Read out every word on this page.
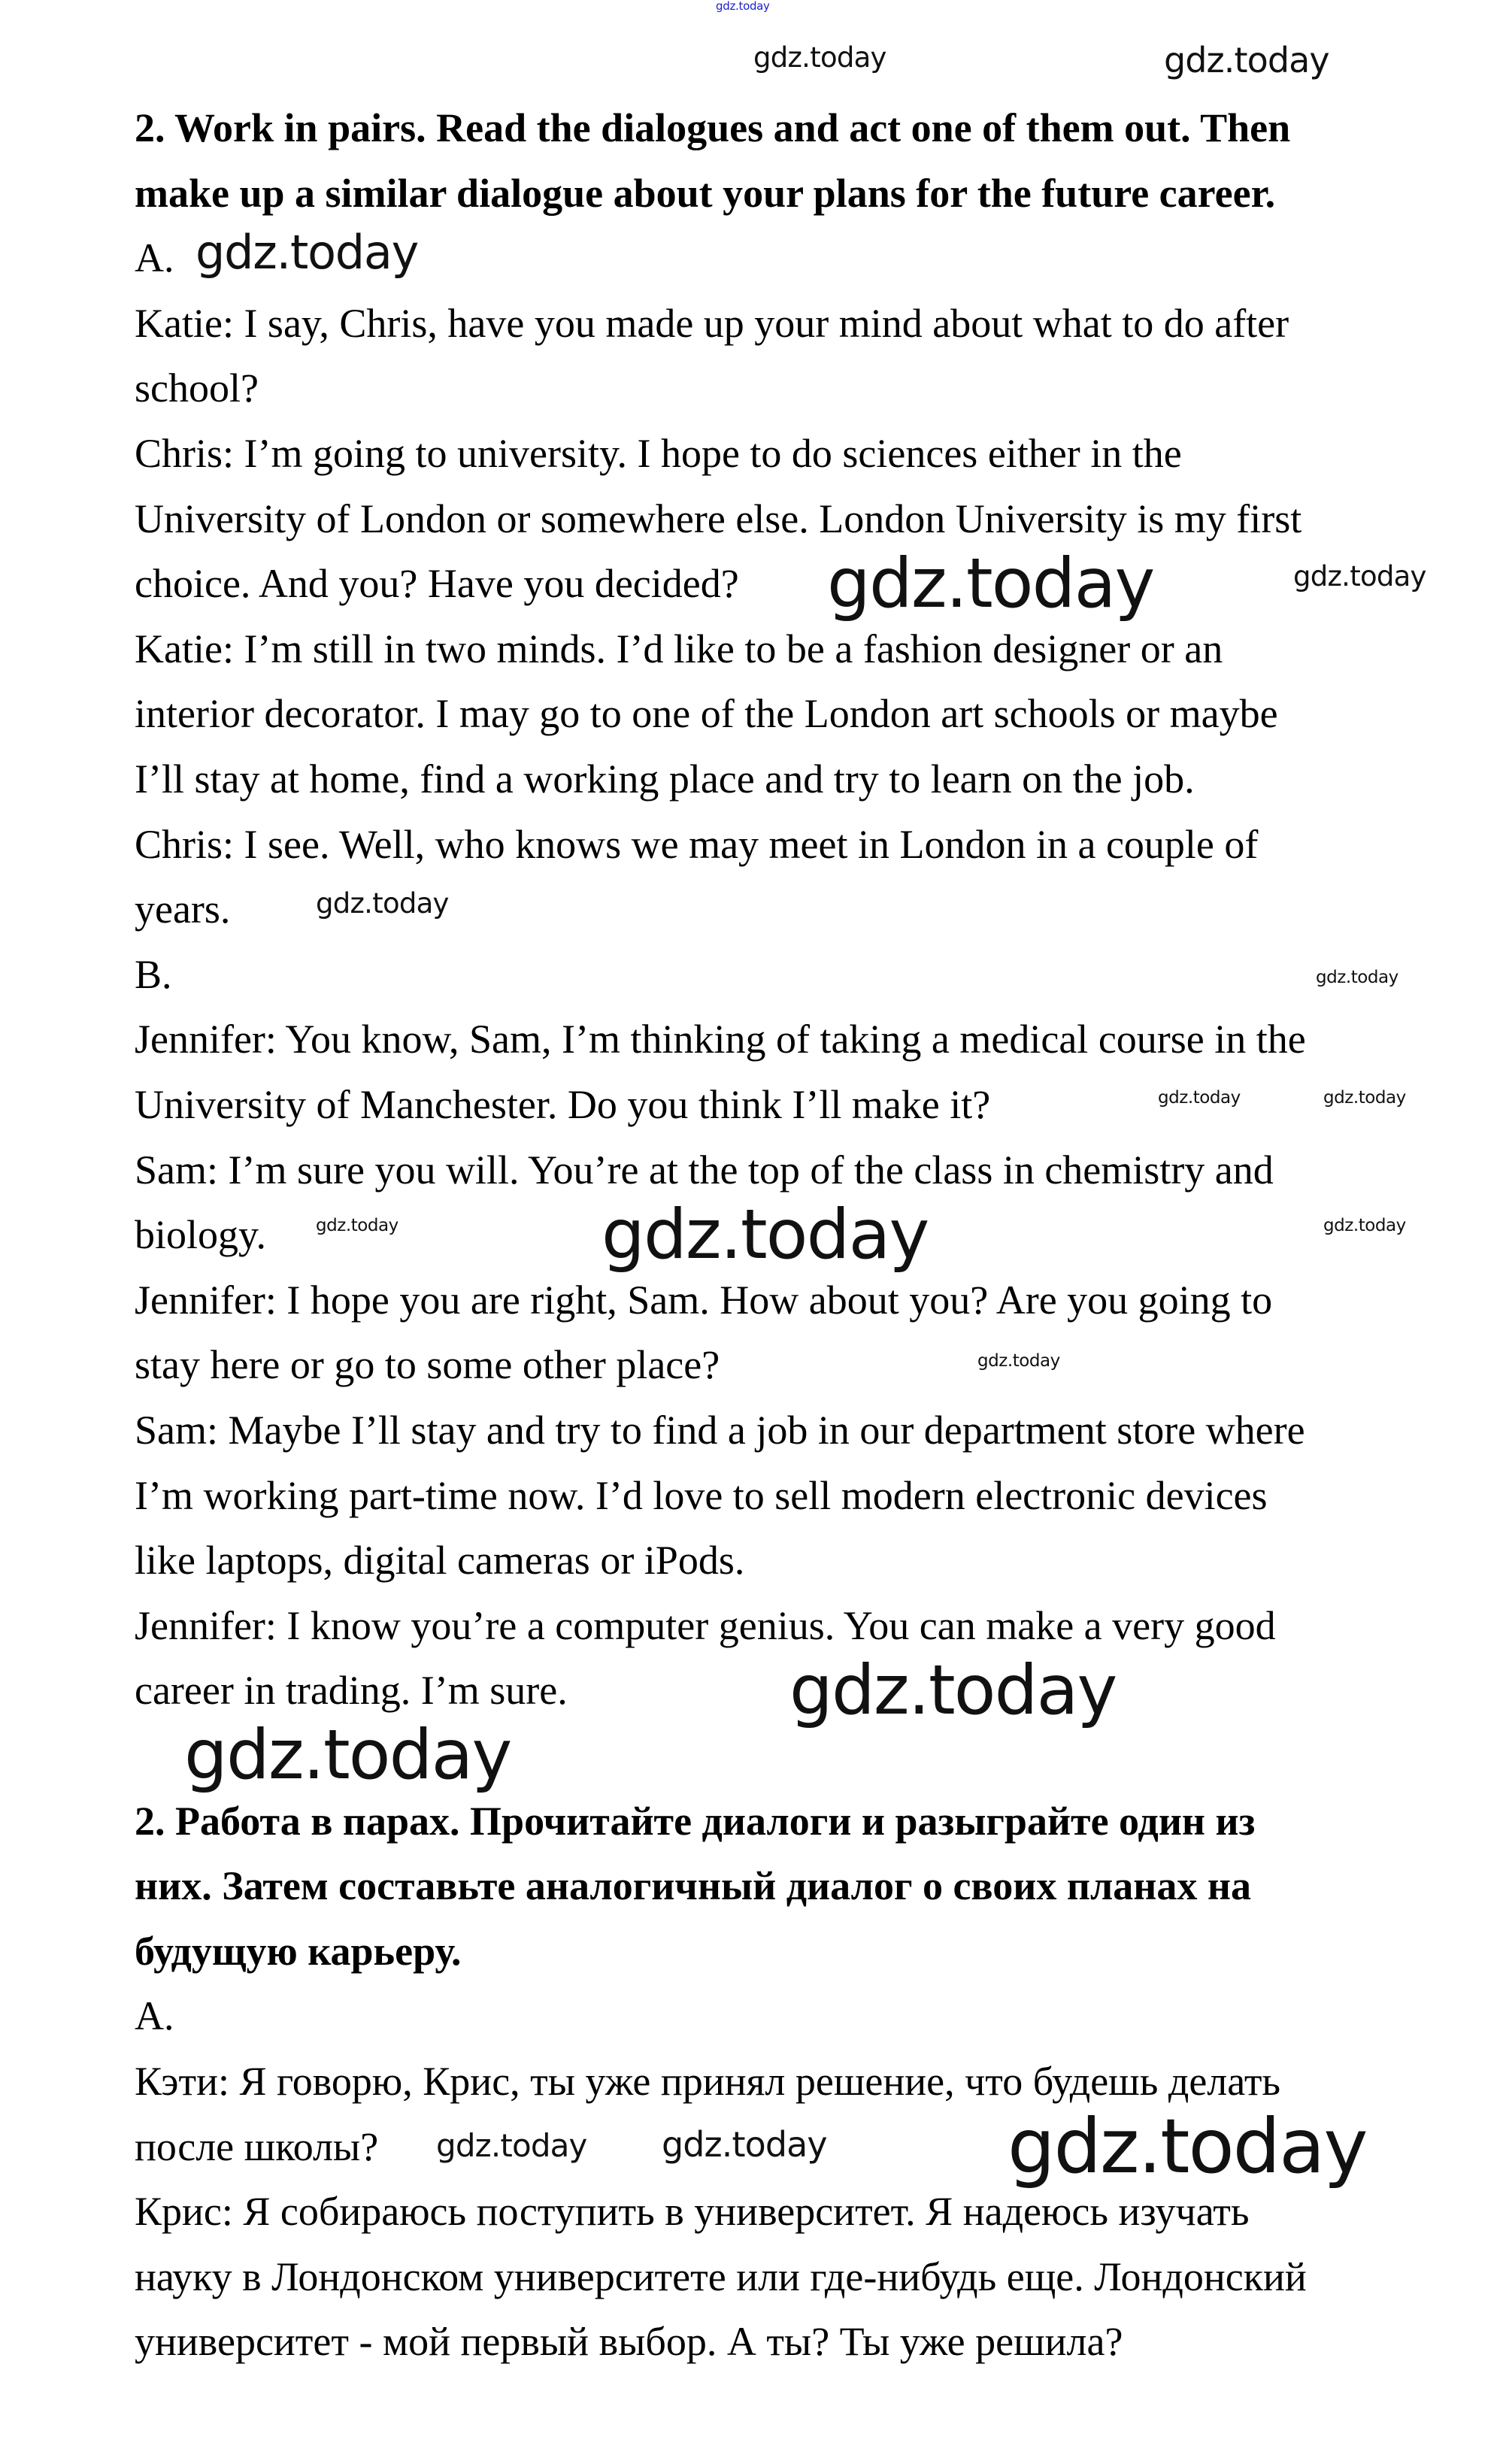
2. Work in pairs. Read the dialogues and act one of them out. Then
make up a similar dialogue about your plans for the future career.
A.
Katie: I say, Chris, have you made up your mind about what to do after
school?
Chris: I’m going to university. I hope to do sciences either in the
University of London or somewhere else. London University is my first
choice. And you? Have you decided?
Katie: I’m still in two minds. I’d like to be a fashion designer or an
interior decorator. I may go to one of the London art schools or maybe
I’ll stay at home, find a working place and try to learn on the job.
Chris: I see. Well, who knows we may meet in London in a couple of
years.
B.
Jennifer: You know, Sam, I’m thinking of taking a medical course in the
University of Manchester. Do you think I’ll make it?
Sam: I’m sure you will. You’re at the top of the class in chemistry and
biology.
Jennifer: I hope you are right, Sam. How about you? Are you going to
stay here or go to some other place?
Sam: Maybe I’ll stay and try to find a job in our department store where
I’m working part-time now. I’d love to sell modern electronic devices
like laptops, digital cameras or iPods.
Jennifer: I know you’re a computer genius. You can make a very good
career in trading. I’m sure.
2. Работа в парах. Прочитайте диалоги и разыграйте один из
них. Затем составьте аналогичный диалог о своих планах на
будущую карьеру.
А.
Кэти: Я говорю, Крис, ты уже принял решение, что будешь делать
после школы?
Крис: Я собираюсь поступить в университет. Я надеюсь изучать
науку в Лондонском университете или где-нибудь еще. Лондонский
университет - мой первый выбор. А ты? Ты уже решила?
gdz.today
gdz.today	gdz.today
gdz.today
gdz.today	gdz.today
gdz.today
gdz.today
gdz.today	gdz.today
gdz.today	gdz.today	gdz.today
gdz.today
gdz.today
gdz.today
gdz.today
gdz.today gdz.today
